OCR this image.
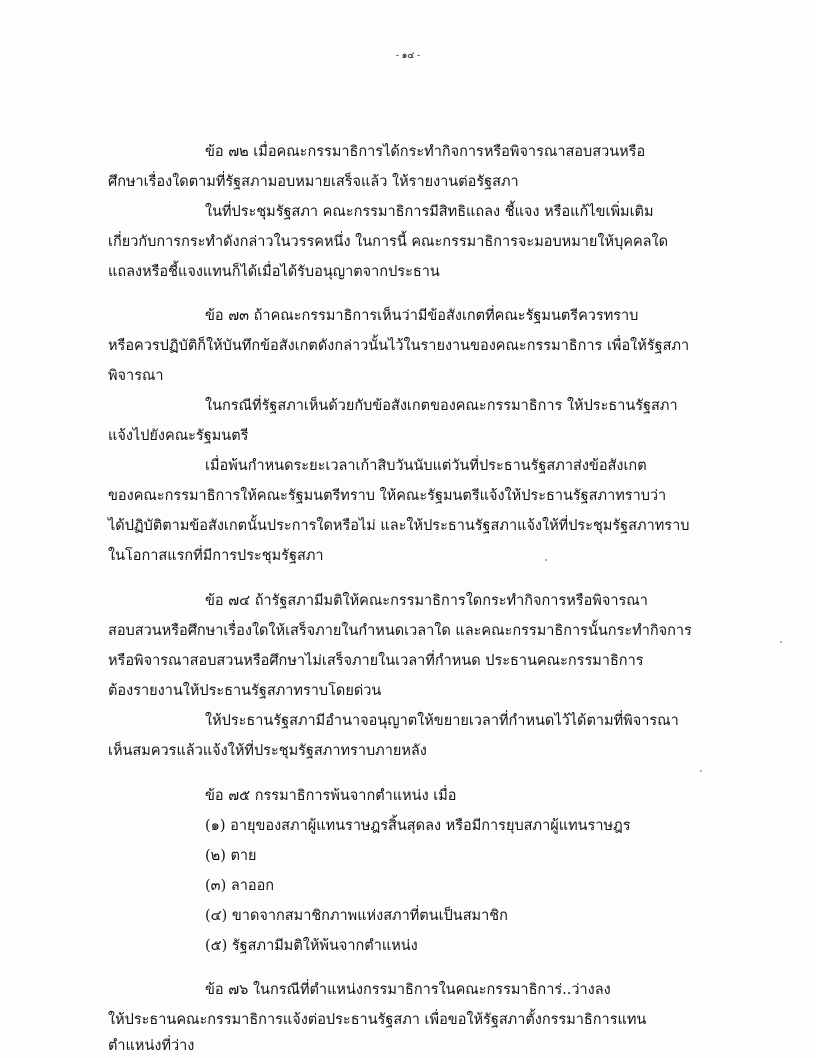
- ๑๔ -
ข้อ ๗๒ เมื่อคณะกรรมาธิการได้กระทำกิจการหรือพิจารณาสอบสวนหรือ
ศึกษาเรื่องใดตามที่รัฐสภามอบหมายเสร็จแล้ว ให้รายงานต่อรัฐสภา
ในที่ประชุมรัฐสภา คณะกรรมาธิการมีสิทธิแถลง ชี้แจง หรือแก้ไขเพิ่มเติม
เกี่ยวกับการกระทำดังกล่าวในวรรคหนึ่ง ในการนี้ คณะกรรมาธิการจะมอบหมายให้บุคคลใด
แถลงหรือชี้แจงแทนก็ได้เมื่อได้รับอนุญาตจากประธาน
ข้อ ๗๓ ถ้าคณะกรรมาธิการเห็นว่ามีข้อสังเกตที่คณะรัฐมนตรีควรทราบ
หรือควรปฏิบัติก็ให้บันทึกข้อสังเกตดังกล่าวนั้นไว้ในรายงานของคณะกรรมาธิการ เพื่อให้รัฐสภา
พิจารณา
ในกรณีที่รัฐสภาเห็นด้วยกับข้อสังเกตของคณะกรรมาธิการ ให้ประธานรัฐสภา
แจ้งไปยังคณะรัฐมนตรี
เมื่อพ้นกำหนดระยะเวลาเก้าสิบวันนับแต่วันที่ประธานรัฐสภาส่งข้อสังเกต
ของคณะกรรมาธิการให้คณะรัฐมนตรีทราบ ให้คณะรัฐมนตรีแจ้งให้ประธานรัฐสภาทราบว่า
ได้ปฏิบัติตามข้อสังเกตนั้นประการใดหรือไม่ และให้ประธานรัฐสภาแจ้งให้ที่ประชุมรัฐสภาทราบ
ในโอกาสแรกที่มีการประชุมรัฐสภา
ข้อ ๗๔ ถ้ารัฐสภามีมติให้คณะกรรมาธิการใดกระทำกิจการหรือพิจารณา
สอบสวนหรือศึกษาเรื่องใดให้เสร็จภายในกำหนดเวลาใด และคณะกรรมาธิการนั้นกระทำกิจการ
หรือพิจารณาสอบสวนหรือศึกษาไม่เสร็จภายในเวลาที่กำหนด ประธานคณะกรรมาธิการ
ต้องรายงานให้ประธานรัฐสภาทราบโดยด่วน
ให้ประธานรัฐสภามีอำนาจอนุญาตให้ขยายเวลาที่กำหนดไว้ได้ตามที่พิจารณา
เห็นสมควรแล้วแจ้งให้ที่ประชุมรัฐสภาทราบภายหลัง
ข้อ ๗๕ กรรมาธิการพ้นจากตำแหน่ง เมื่อ
(๑) อายุของสภาผู้แทนราษฎรสิ้นสุดลง หรือมีการยุบสภาผู้แทนราษฎร
(๒) ตาย
(๓) ลาออก
(๔) ขาดจากสมาชิกภาพแห่งสภาที่ตนเป็นสมาชิก
(๕) รัฐสภามีมติให้พ้นจากตำแหน่ง
ข้อ ๗๖ ในกรณีที่ตำแหน่งกรรมาธิการในคณะกรรมาธิการ่..ว่างลง
ให้ประธานคณะกรรมาธิการแจ้งต่อประธานรัฐสภา เพื่อขอให้รัฐสภาตั้งกรรมาธิการแทน
ตำแหน่งที่ว่าง
